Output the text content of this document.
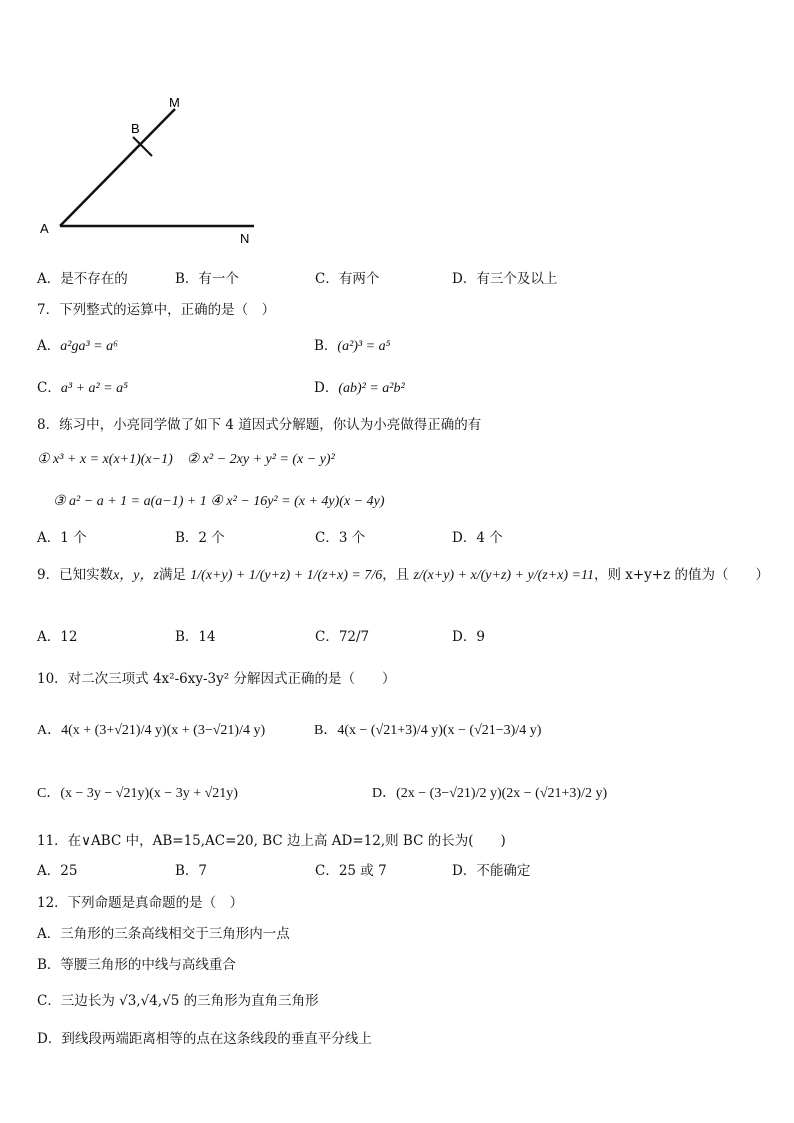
M
B
A
N
A．是不存在的	B．有一个	C．有两个	D．有三个及以上
7．下列整式的运算中，正确的是（　）
A．a²ga³ = a⁶	B．(a²)³ = a⁵
C．a³ + a² = a⁵	D．(ab)² = a²b²
8．练习中，小亮同学做了如下 4 道因式分解题，你认为小亮做得正确的有
① x³ + x = x(x+1)(x−1)　② x² − 2xy + y² = (x − y)²
③ a² − a + 1 = a(a−1) + 1 ④ x² − 16y² = (x + 4y)(x − 4y)
A．1 个	B．2 个	C．3 个	D．4 个
9．已知实数x，y，z满足 1/(x+y) + 1/(y+z) + 1/(z+x) = 7/6，且 z/(x+y) + x/(y+z) + y/(z+x) =11，则 x+y+z 的值为（　　）
A．12	B．14	C．72/7	D．9
10．对二次三项式 4x²-6xy-3y² 分解因式正确的是（　　）
A．4(x + (3+√21)/4 y)(x + (3−√21)/4 y)	B．4(x − (√21+3)/4 y)(x − (√21−3)/4 y)
C．(x − 3y − √21y)(x − 3y + √21y)	D．(2x − (3−√21)/2 y)(2x − (√21+3)/2 y)
11．在∨ABC 中，AB=15,AC=20, BC 边上高 AD=12,则 BC 的长为(　　)
A．25	B．7	C．25 或 7	D．不能确定
12．下列命题是真命题的是（　）
A．三角形的三条高线相交于三角形内一点
B．等腰三角形的中线与高线重合
C．三边长为 √3,√4,√5 的三角形为直角三角形
D．到线段两端距离相等的点在这条线段的垂直平分线上
